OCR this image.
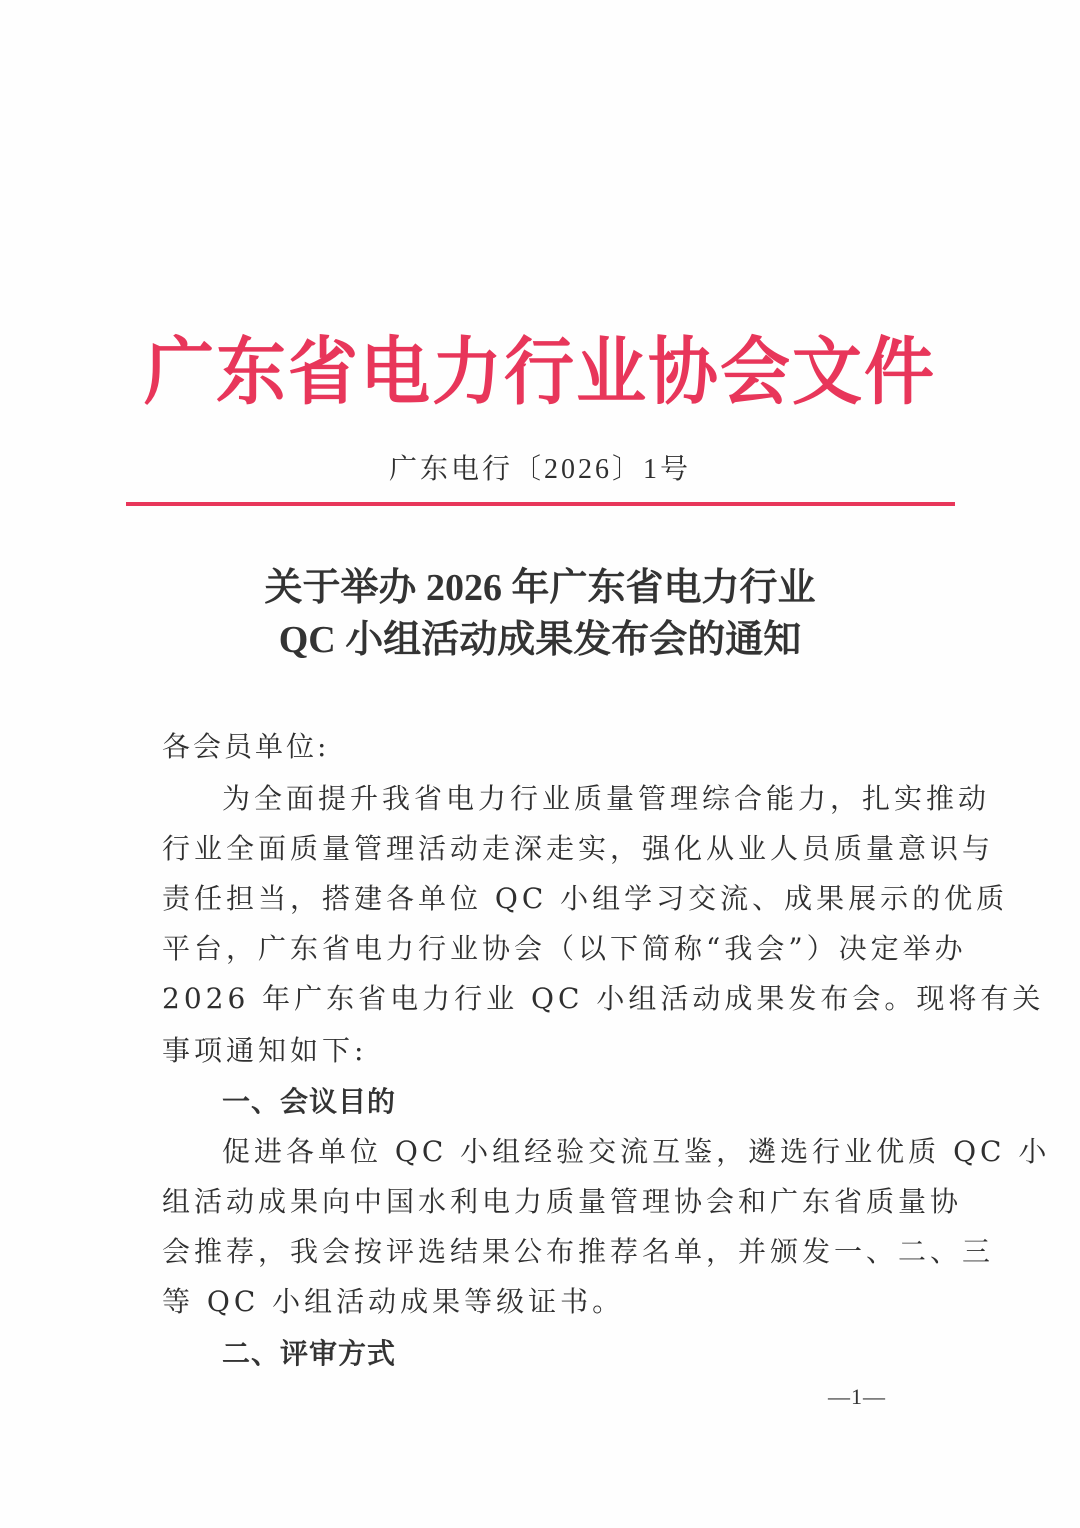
广东省电力行业协会文件
广东电行〔2026〕1号
关于举办 2026 年广东省电力行业
QC 小组活动成果发布会的通知
各会员单位:
为全面提升我省电力行业质量管理综合能力，扎实推动
行业全面质量管理活动走深走实，强化从业人员质量意识与
责任担当，搭建各单位 QC 小组学习交流、成果展示的优质
平台，广东省电力行业协会（以下简称“我会”）决定举办
2026 年广东省电力行业 QC 小组活动成果发布会。现将有关
事项通知如下:
一、会议目的
促进各单位 QC 小组经验交流互鉴，遴选行业优质 QC 小
组活动成果向中国水利电力质量管理协会和广东省质量协
会推荐，我会按评选结果公布推荐名单，并颁发一、二、三
等 QC 小组活动成果等级证书。
二、评审方式
—1—
